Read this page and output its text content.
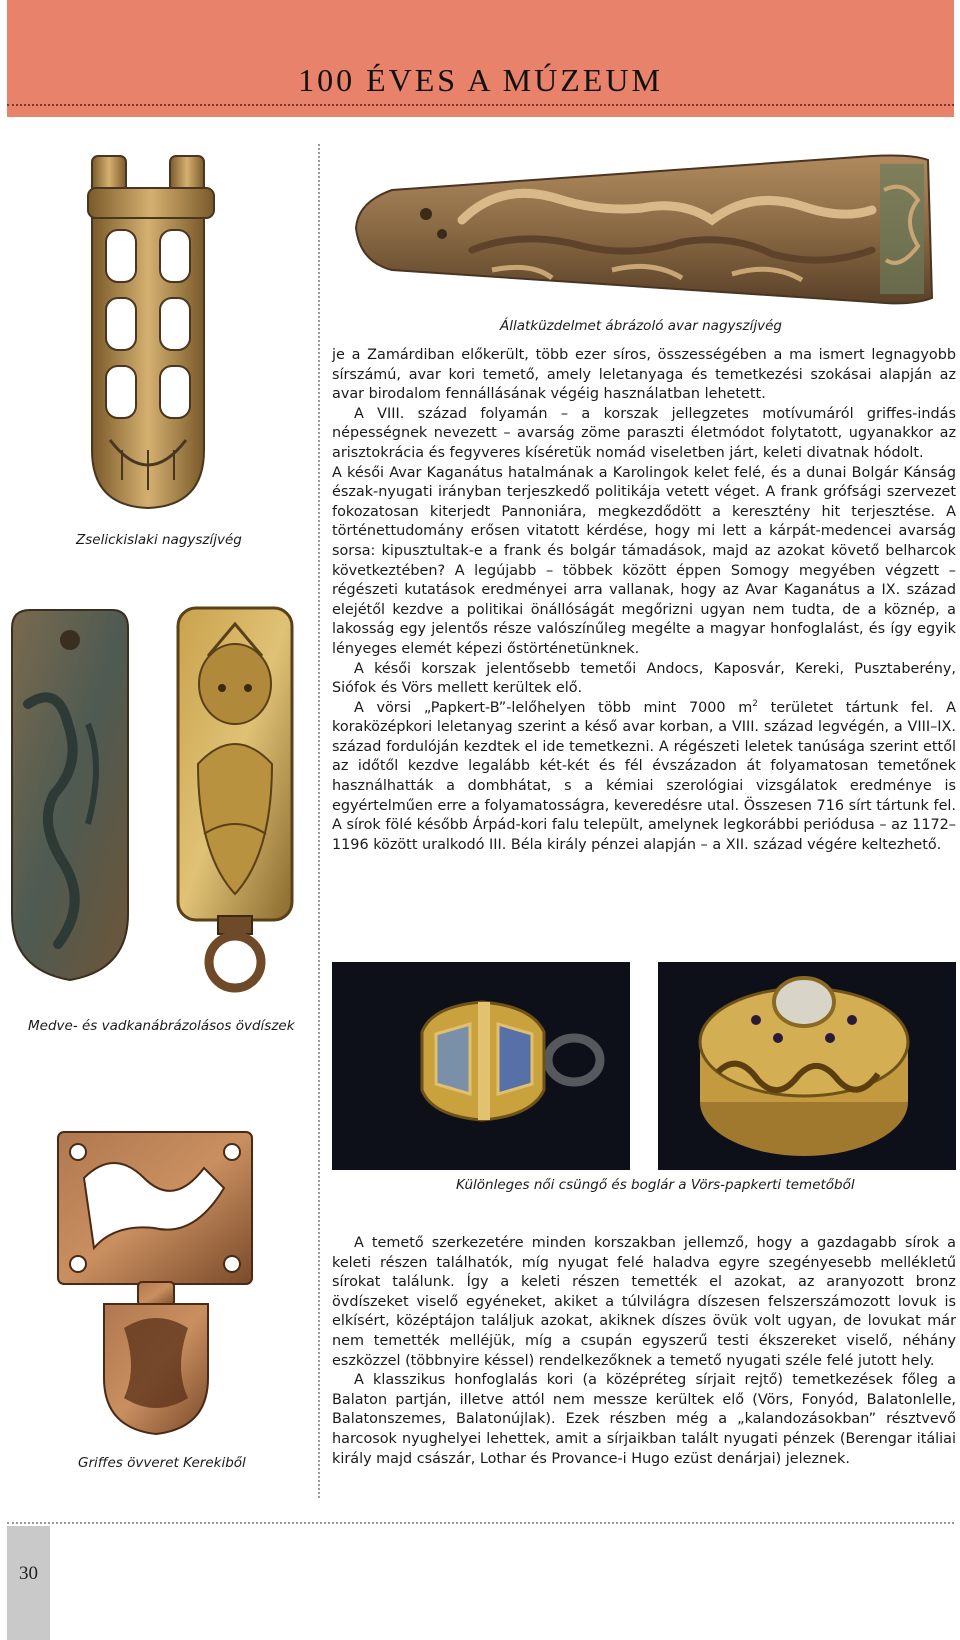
100 ÉVES A MÚZEUM
Állatküzdelmet ábrázoló avar nagyszíjvég
Zselickislaki nagyszíjvég
Medve- és vadkanábrázolásos övdíszek
Griffes övveret Kerekiből

je a Zamárdiban előkerült, több ezer síros, összességében a ma ismert legnagyobb sírszámú, avar kori temető, amely leletanyaga és temetkezési szokásai alapján az avar birodalom fennállásának végéig használatban lehetett.

A VIII. század folyamán – a korszak jellegzetes motívumáról griffes-indás népességnek nevezett – avarság zöme paraszti életmódot folytatott, ugyanakkor az arisztokrácia és fegyveres kíséretük nomád viseletben járt, keleti divatnak hódolt.

A késői Avar Kaganátus hatalmának a Karolingok kelet felé, és a dunai Bolgár Kánság észak-nyugati irányban terjeszkedő politikája vetett véget. A frank grófsági szervezet fokozatosan kiterjedt Pannoniára, megkezdődött a keresztény hit terjesztése. A történettudomány erősen vitatott kérdése, hogy mi lett a kárpát-medencei avarság sorsa: kipusztultak-e a frank és bolgár támadások, majd az azokat követő belharcok következtében? A legújabb – többek között éppen Somogy megyében végzett – régészeti kutatások eredményei arra vallanak, hogy az Avar Kaganátus a IX. század elejétől kezdve a politikai önállóságát megőrizni ugyan nem tudta, de a köznép, a lakosság egy jelentős része valószínűleg megélte a magyar honfoglalást, és így egyik lényeges elemét képezi őstörténetünknek.

A késői korszak jelentősebb temetői Andocs, Kaposvár, Kereki, Pusztaberény, Siófok és Vörs mellett kerültek elő.

A vörsi „Papkert-B”-lelőhelyen több mint 7000 $m^2$ területet tártunk fel. A koraközépkori leletanyag szerint a késő avar korban, a VIII. század legvégén, a VIII–IX. század fordulóján kezdtek el ide temetkezni. A régészeti leletek tanúsága szerint ettől az időtől kezdve legalább két-két és fél évszázadon át folyamatosan temetőnek használhatták a dombhátat, s a kémiai szerológiai vizsgálatok eredménye is egyértelműen erre a folyamatosságra, keveredésre utal. Összesen 716 sírt tártunk fel. A sírok fölé később Árpád-kori falu települt, amelynek legkorábbi periódusa – az 1172–1196 között uralkodó III. Béla király pénzei alapján – a XII. század végére keltezhető.

Különleges női csüngő és boglár a Vörs-papkerti temetőből

A temető szerkezetére minden korszakban jellemző, hogy a gazdagabb sírok a keleti részen találhatók, míg nyugat felé haladva egyre szegényesebb mellékletű sírokat találunk. Így a keleti részen temették el azokat, az aranyozott bronz övdíszeket viselő egyéneket, akiket a túlvilágra díszesen felszerszámozott lovuk is elkísért, középtájon találjuk azokat, akiknek díszes övük volt ugyan, de lovukat már nem temették melléjük, míg a csupán egyszerű testi ékszereket viselő, néhány eszközzel (többnyire késsel) rendelkezőknek a temető nyugati széle felé jutott hely.

A klasszikus honfoglalás kori (a középréteg sírjait rejtő) temetkezések főleg a Balaton partján, illetve attól nem messze kerültek elő (Vörs, Fonyód, Balatonlelle, Balatonszemes, Balatonújlak). Ezek részben még a „kalandozásokban” résztvevő harcosok nyughelyei lehettek, amit a sírjaikban talált nyugati pénzek (Berengar itáliai király majd császár, Lothar és Provance-i Hugo ezüst denárjai) jeleznek.

30
